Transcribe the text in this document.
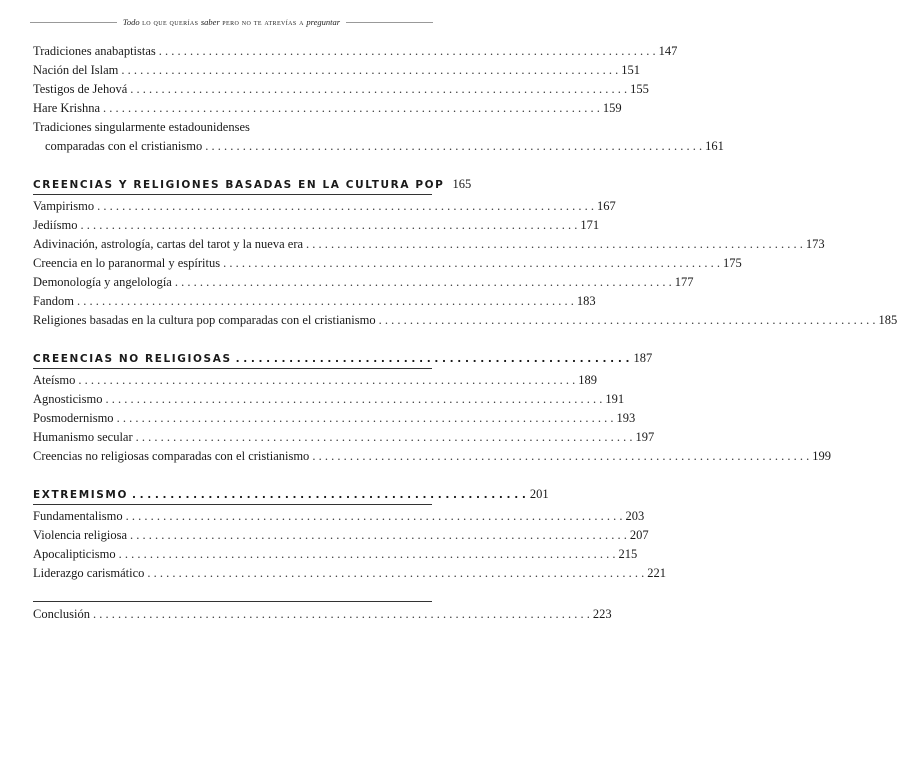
Todo lo que querías saber pero no te atrevías a preguntar
Tradiciones anabaptistas . . .	147
Nación del Islam . . .	151
Testigos de Jehová . . .	155
Hare Krishna . . .	159
Tradiciones singularmente estadounidenses
comparadas con el cristianismo . . .	161
CREENCIAS Y RELIGIONES BASADAS EN LA CULTURA POP 165
Vampirismo . . .	167
Jediísmo . . .	171
Adivinación, astrología, cartas del tarot y la nueva era . . .	173
Creencia en lo paranormal y espíritus . . .	175
Demonología y angelología . . .	177
Fandom . . .	183
Religiones basadas en la cultura pop comparadas con el cristianismo . . .	185
CREENCIAS NO RELIGIOSAS . . .	187
Ateísmo . . .	189
Agnosticismo . . .	191
Posmodernismo . . .	193
Humanismo secular . . .	197
Creencias no religiosas comparadas con el cristianismo . . .	199
EXTREMISMO . . .	201
Fundamentalismo . . .	203
Violencia religiosa . . .	207
Apocalipticismo . . .	215
Liderazgo carismático . . .	221
Conclusión . . .	223
